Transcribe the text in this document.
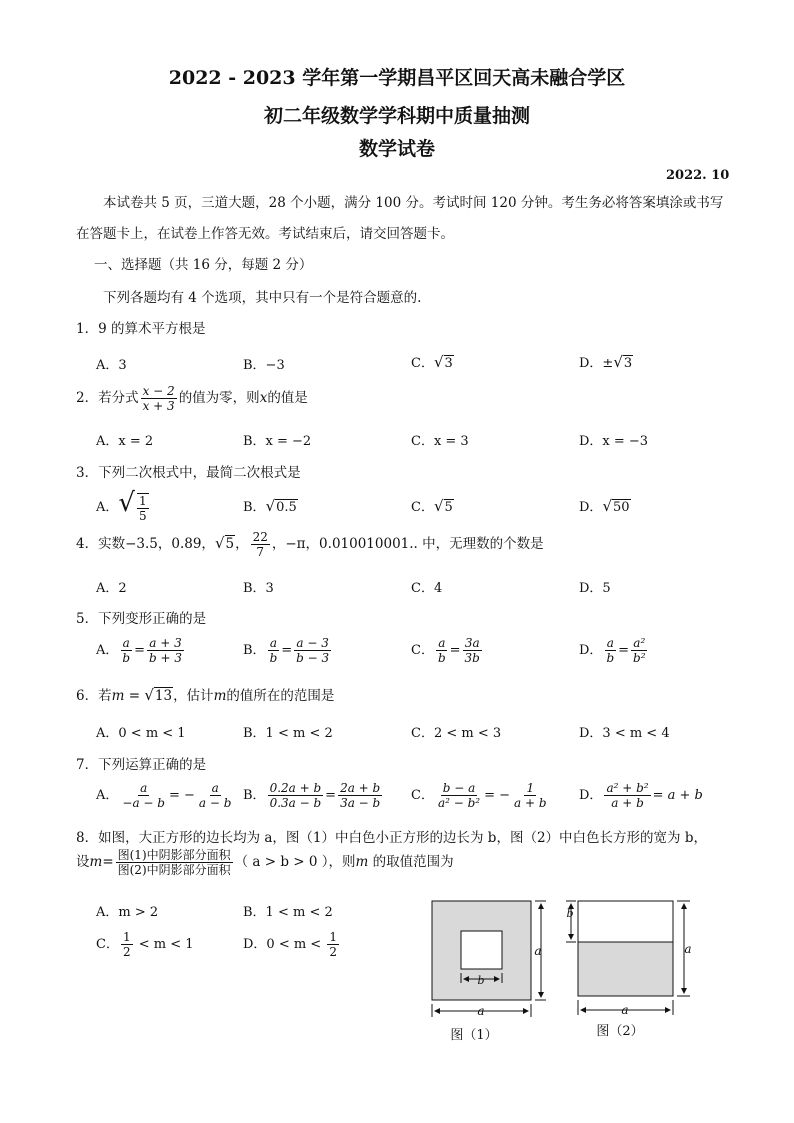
2022 - 2023 学年第一学期昌平区回天高未融合学区
初二年级数学学科期中质量抽测
数学试卷
2022. 10
本试卷共 5 页，三道大题，28 个小题，满分 100 分。考试时间 120 分钟。考生务必将答案填涂或书写
在答题卡上，在试卷上作答无效。考试结束后，请交回答题卡。
一、选择题（共 16 分，每题 2 分）
下列各题均有 4 个选项，其中只有一个是符合题意的.
1．9 的算术平方根是
A．3	B．−3	C．√3	D．±√3
2．若分式 $\frac{x - 2}{x + 3}$ 的值为零，则x的值是
A．x = 2	B．x = −2	C．x = 3	D．x = −3
3．下列二次根式中，最简二次根式是
A．√ $\frac{1}{5}$	B．√0.5	C．√5	D．√50
4．实数−3.5，0.89，√5， $\frac{22}{7}$ ，−π，0.010010001.. 中，无理数的个数是
A．2	B．3	C．4	D．5
5．下列变形正确的是
A． $\frac{a}{b} = \frac{a + 3}{b + 3}$	B． $\frac{a}{b} = \frac{a - 3}{b - 3}$	C． $\frac{a}{b} = \frac{3a}{3b}$	D． $\frac{a}{b} = \frac{\text{a²}}{\text{b²}}$
6．若m = √13，估计m的值所在的范围是
A．0 < m < 1	B．1 < m < 2	C．2 < m < 3	D．3 < m < 4
7．下列运算正确的是
A． $\frac{a}{-a - b}$ = − $\frac{a}{a - b}$ B． $\frac{0.2a + b}{0.3a - b} = \frac{2a + b}{3a - b}$ C． $\frac{b - a}{\text{a² − b²}}$ = − $\frac{1}{a + b}$ D． $\frac{\text{a² + b²}}{a + b} = a + b$
8．如图，大正方形的边长均为 a，图（1）中白色小正方形的边长为 b，图（2）中白色长方形的宽为 b，
设$m= \frac{\text{图(1)中阴影部分面积}}{\text{图(2)中阴影部分面积}}$ （ a > b > 0 ），则m 的取值范围为
A．m > 2	B．1 < m < 2
C． $\frac{1}{2} < m < 1$	D．$0 < m < \frac{1}{2}$
b
a
a
图（1）
b
a
a
图（2）
